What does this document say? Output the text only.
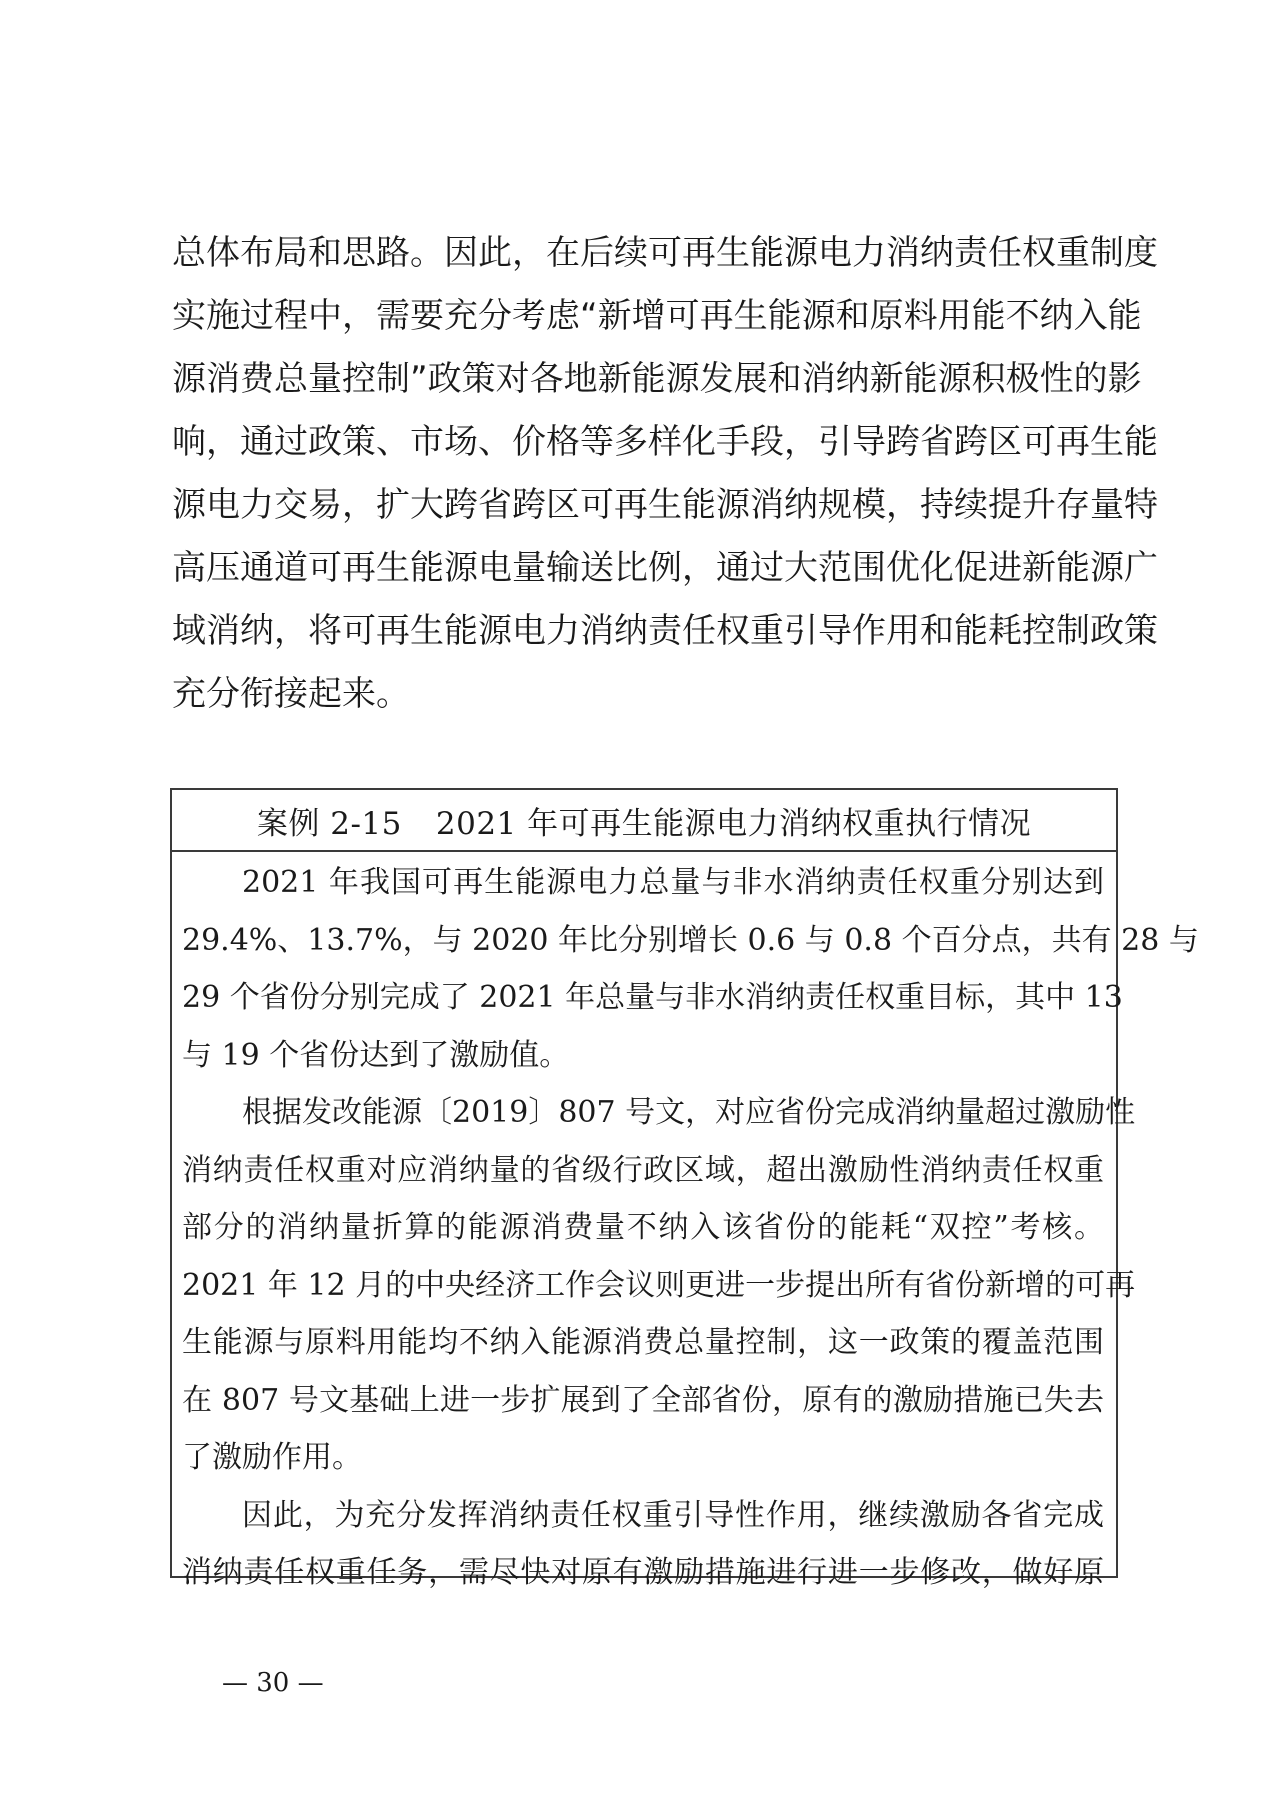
总体布局和思路。因此，在后续可再生能源电力消纳责任权重制度
实施过程中，需要充分考虑“新增可再生能源和原料用能不纳入能
源消费总量控制”政策对各地新能源发展和消纳新能源积极性的影
响，通过政策、市场、价格等多样化手段，引导跨省跨区可再生能
源电力交易，扩大跨省跨区可再生能源消纳规模，持续提升存量特
高压通道可再生能源电量输送比例，通过大范围优化促进新能源广
域消纳，将可再生能源电力消纳责任权重引导作用和能耗控制政策
充分衔接起来。
案例 2-15 2021 年可再生能源电力消纳权重执行情况
2021 年我国可再生能源电力总量与非水消纳责任权重分别达到
29.4%、13.7%，与 2020 年比分别增长 0.6 与 0.8 个百分点，共有 28 与
29 个省份分别完成了 2021 年总量与非水消纳责任权重目标，其中 13
与 19 个省份达到了激励值。
根据发改能源〔2019〕807 号文，对应省份完成消纳量超过激励性
消纳责任权重对应消纳量的省级行政区域，超出激励性消纳责任权重
部分的消纳量折算的能源消费量不纳入该省份的能耗“双控”考核。
2021 年 12 月的中央经济工作会议则更进一步提出所有省份新增的可再
生能源与原料用能均不纳入能源消费总量控制，这一政策的覆盖范围
在 807 号文基础上进一步扩展到了全部省份，原有的激励措施已失去
了激励作用。
因此，为充分发挥消纳责任权重引导性作用，继续激励各省完成
消纳责任权重任务，需尽快对原有激励措施进行进一步修改，做好原
— 30 —
